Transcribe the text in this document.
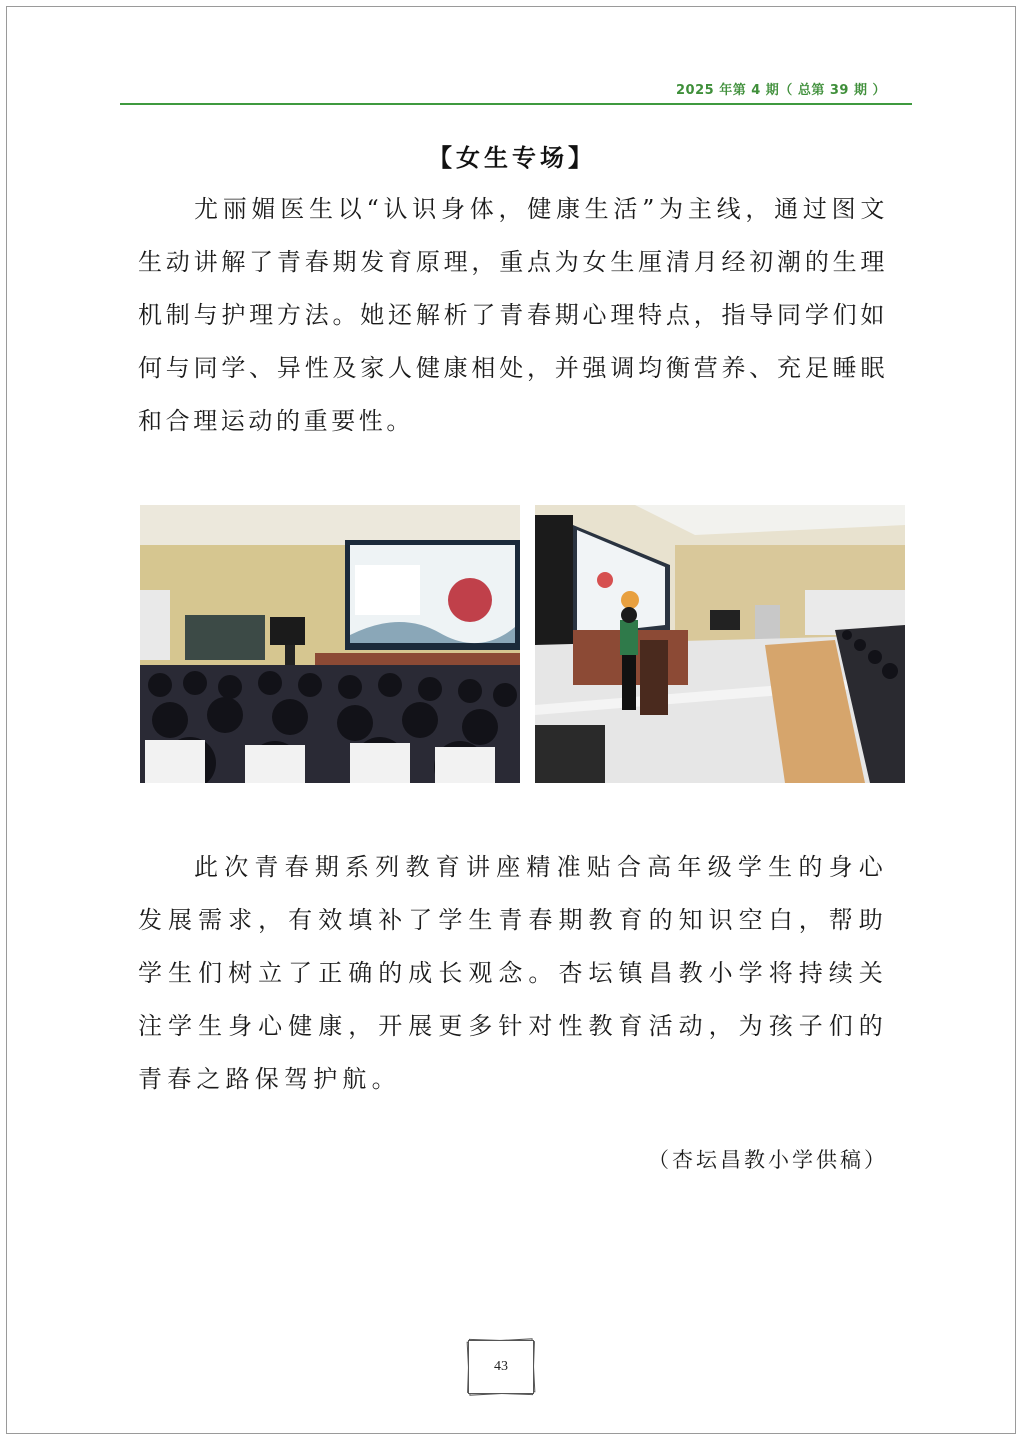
2025 年第 4 期（ 总第 39 期 ）
【女生专场】

尤丽媚医生以“认识身体，健康生活”为主线，通过图文生动讲解了青春期发育原理，重点为女生厘清月经初潮的生理机制与护理方法。她还解析了青春期心理特点，指导同学们如何与同学、异性及家人健康相处，并强调均衡营养、充足睡眠和合理运动的重要性。

此次青春期系列教育讲座精准贴合高年级学生的身心发展需求，有效填补了学生青春期教育的知识空白，帮助学生们树立了正确的成长观念。杏坛镇昌教小学将持续关注学生身心健康，开展更多针对性教育活动，为孩子们的青春之路保驾护航。

（杏坛昌教小学供稿）
43
